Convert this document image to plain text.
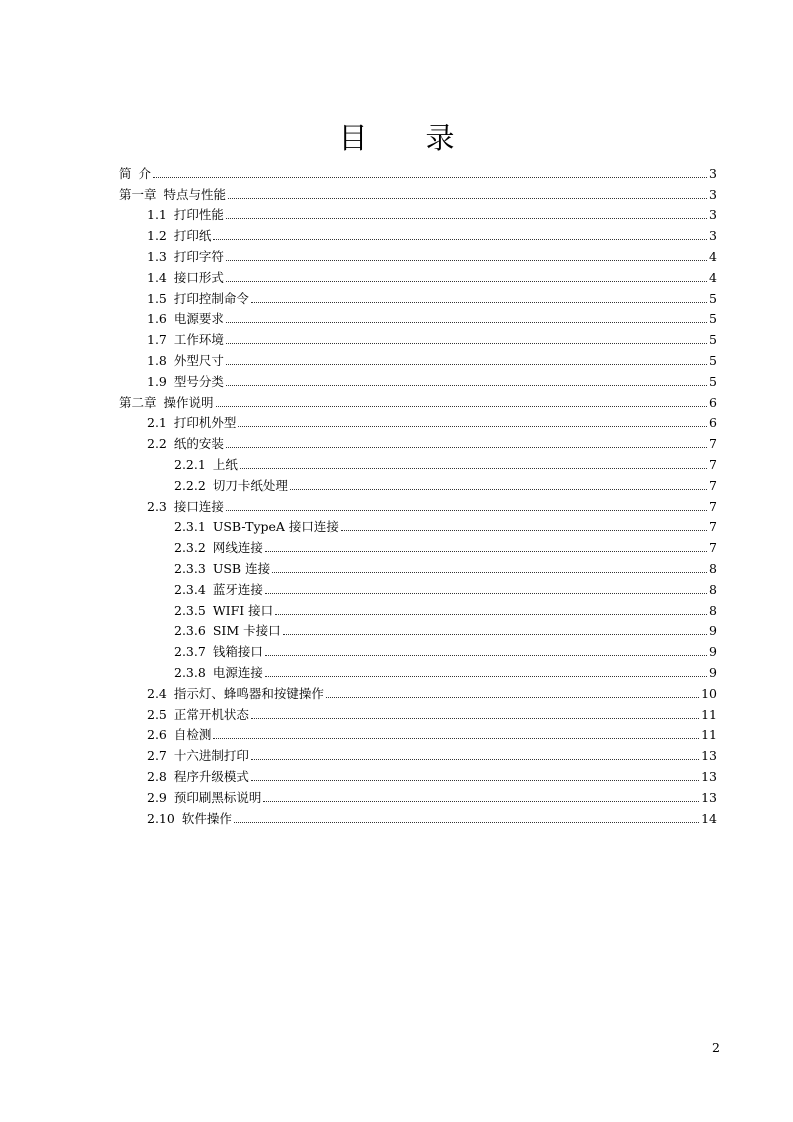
目 录
简 介	3
第一章 特点与性能	3
1.1 打印性能	3
1.2 打印纸	3
1.3 打印字符	4
1.4 接口形式	4
1.5 打印控制命令	5
1.6 电源要求	5
1.7 工作环境	5
1.8 外型尺寸	5
1.9 型号分类	5
第二章 操作说明	6
2.1 打印机外型	6
2.2 纸的安装	7
2.2.1 上纸	7
2.2.2 切刀卡纸处理	7
2.3 接口连接	7
2.3.1 USB-TypeA 接口连接	7
2.3.2 网线连接	7
2.3.3 USB 连接	8
2.3.4 蓝牙连接	8
2.3.5 WIFI 接口	8
2.3.6 SIM 卡接口	9
2.3.7 钱箱接口	9
2.3.8 电源连接	9
2.4 指示灯、蜂鸣器和按键操作	10
2.5 正常开机状态	11
2.6 自检测	11
2.7 十六进制打印	13
2.8 程序升级模式	13
2.9 预印刷黑标说明	13
2.10 软件操作	14
2
